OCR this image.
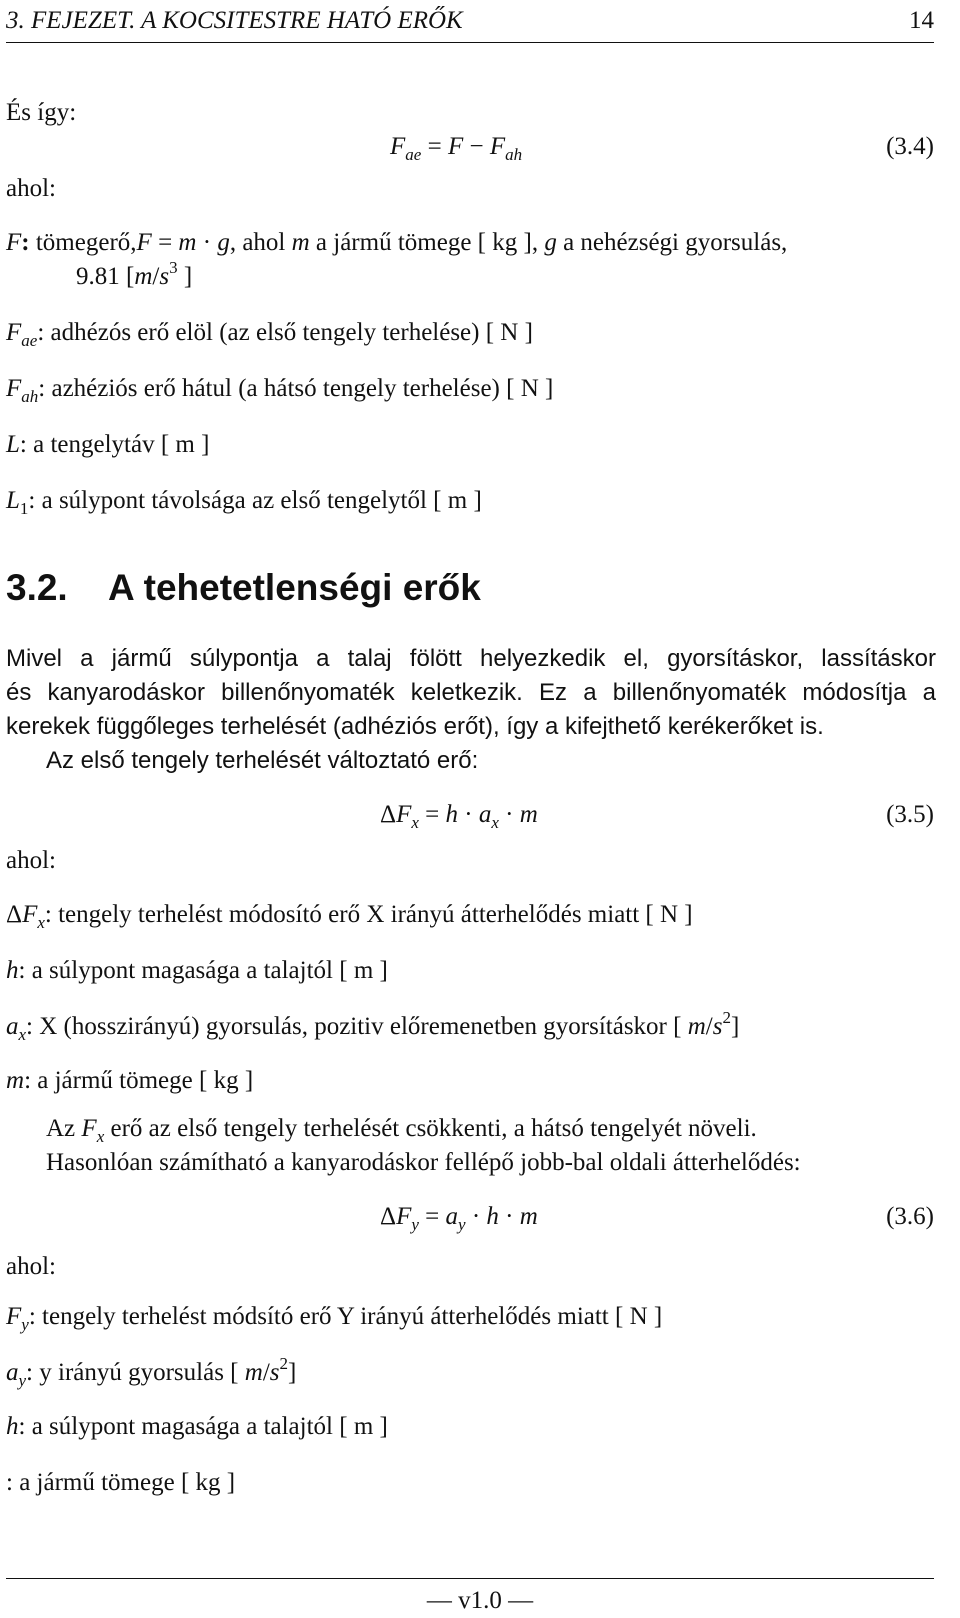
3. FEJEZET. A KOCSITESTRE HATÓ ERŐK	14
És így:
$F_{ae} = F - F_{ah}$	(3.4)
ahol:
F: tömegerő,F = m · g, ahol m a jármű tömege [ kg ], g a nehézségi gyorsulás,
9.81 [$m/s^3$ ]
$F_{ae}$: adhézós erő elöl (az első tengely terhelése) [ N ]
$F_{ah}$: azhéziós erő hátul (a hátsó tengely terhelése) [ N ]
L: a tengelytáv [ m ]
$L_1$: a súlypont távolsága az első tengelytől [ m ]
3.2. A tehetetlenségi erők
Mivel a jármű súlypontja a talaj fölött helyezkedik el, gyorsításkor, lassításkor
és kanyarodáskor billenőnyomaték keletkezik. Ez a billenőnyomaték módosítja a
kerekek függőleges terhelését (adhéziós erőt), így a kifejthető kerékerőket is.
Az első tengely terhelését változtató erő:
$\Delta F_x = h \cdot a_x \cdot m$	(3.5)
ahol:
$\Delta F_x$: tengely terhelést módosító erő X irányú átterhelődés miatt [ N ]
h: a súlypont magasága a talajtól [ m ]
$a_x$: X (hosszirányú) gyorsulás, pozitiv előremenetben gyorsításkor [ $m/s^2$]
m: a jármű tömege [ kg ]
Az $F_x$ erő az első tengely terhelését csökkenti, a hátsó tengelyét növeli.
Hasonlóan számítható a kanyarodáskor fellépő jobb-bal oldali átterhelődés:
$\Delta F_y = a_y \cdot h \cdot m$	(3.6)
ahol:
$F_y$: tengely terhelést módsító erő Y irányú átterhelődés miatt [ N ]
$a_y$: y irányú gyorsulás [ $m/s^2$]
h: a súlypont magasága a talajtól [ m ]
: a jármű tömege [ kg ]
— v1.0 —
